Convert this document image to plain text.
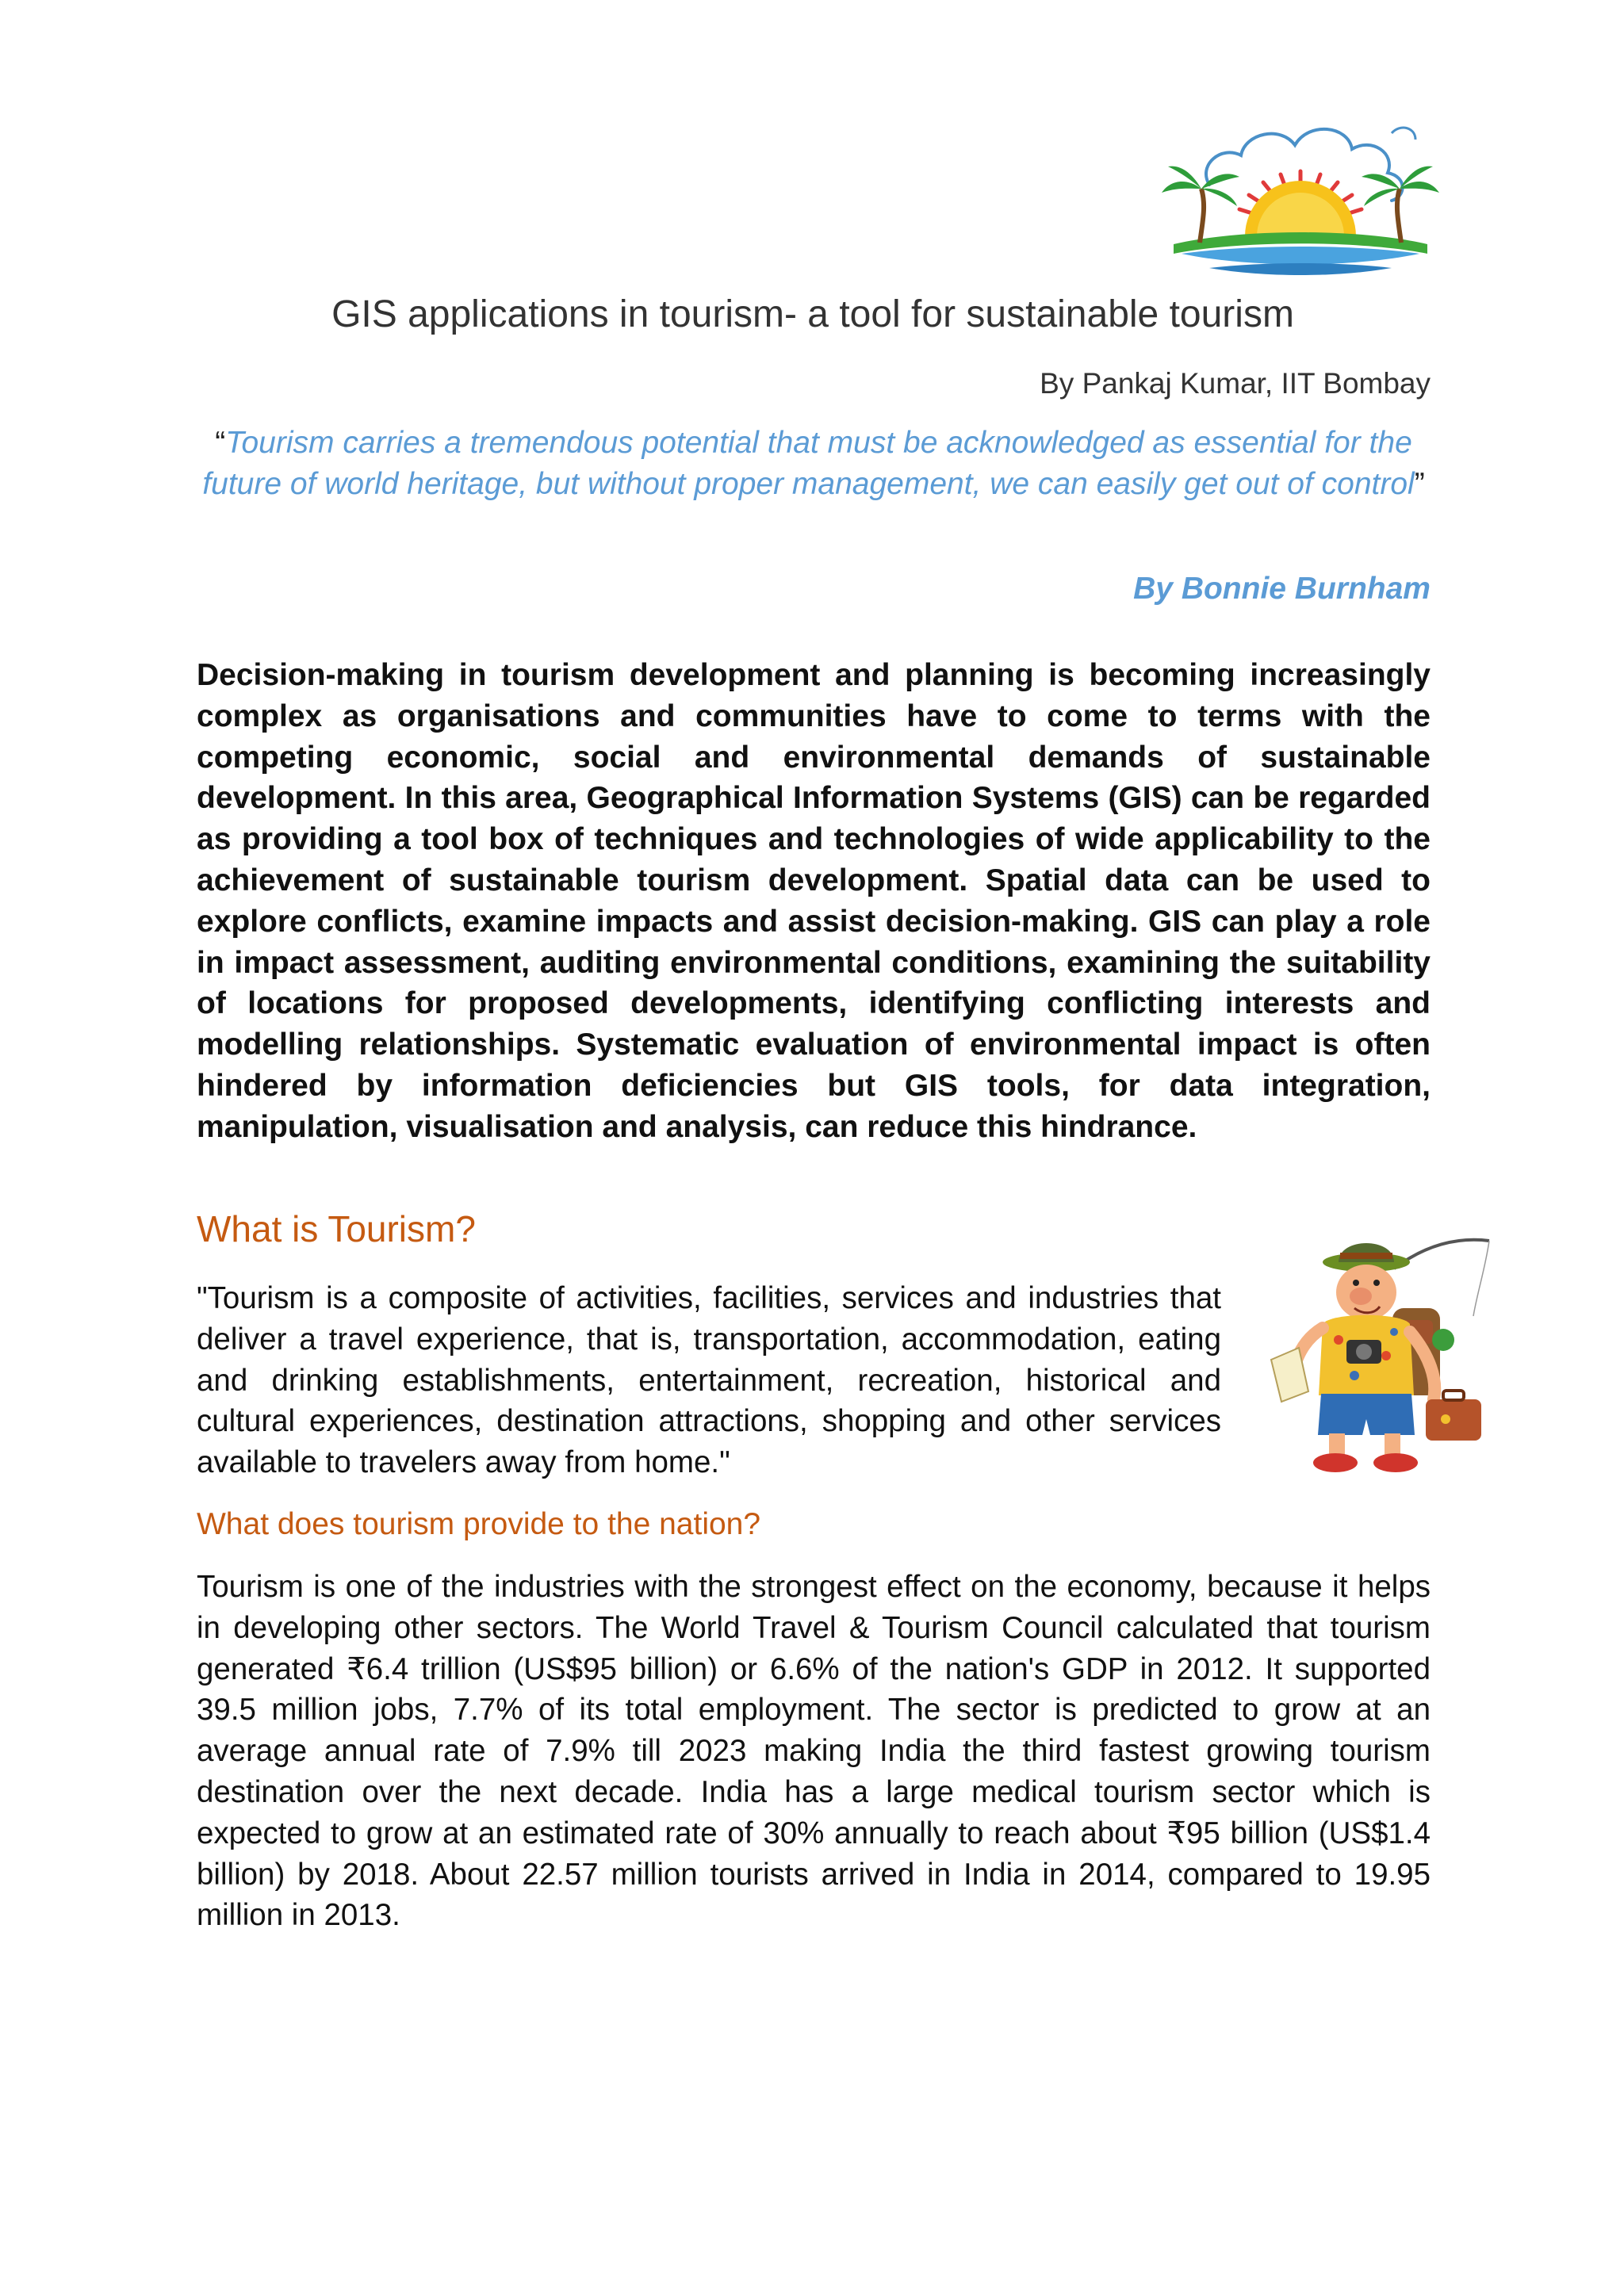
GIS applications in tourism- a tool for sustainable tourism
By Pankaj Kumar, IIT Bombay

“Tourism carries a tremendous potential that must be acknowledged as essential for the future of world heritage, but without proper management, we can easily get out of control”

By Bonnie Burnham

Decision-making in tourism development and planning is becoming increasingly complex as organisations and communities have to come to terms with the competing economic, social and environmental demands of sustainable development. In this area, Geographical Information Systems (GIS) can be regarded as providing a tool box of techniques and technologies of wide applicability to the achievement of sustainable tourism development. Spatial data can be used to explore conflicts, examine impacts and assist decision-making. GIS can play a role in impact assessment, auditing environmental conditions, examining the suitability of locations for proposed developments, identifying conflicting interests and modelling relationships. Systematic evaluation of environmental impact is often hindered by information deficiencies but GIS tools, for data integration, manipulation, visualisation and analysis, can reduce this hindrance.

What is Tourism?

"Tourism is a composite of activities, facilities, services and industries that deliver a travel experience, that is, transportation, accommodation, eating and drinking establishments, entertainment, recreation, historical and cultural experiences, destination attractions, shopping and other services available to travelers away from home."

What does tourism provide to the nation?

Tourism is one of the industries with the strongest effect on the economy, because it helps in developing other sectors. The World Travel & Tourism Council calculated that tourism generated ₹6.4 trillion (US$95 billion) or 6.6% of the nation's GDP in 2012. It supported 39.5 million jobs, 7.7% of its total employment. The sector is predicted to grow at an average annual rate of 7.9% till 2023 making India the third fastest growing tourism destination over the next decade. India has a large medical tourism sector which is expected to grow at an estimated rate of 30% annually to reach about ₹95 billion (US$1.4 billion) by 2018. About 22.57 million tourists arrived in India in 2014, compared to 19.95 million in 2013.
